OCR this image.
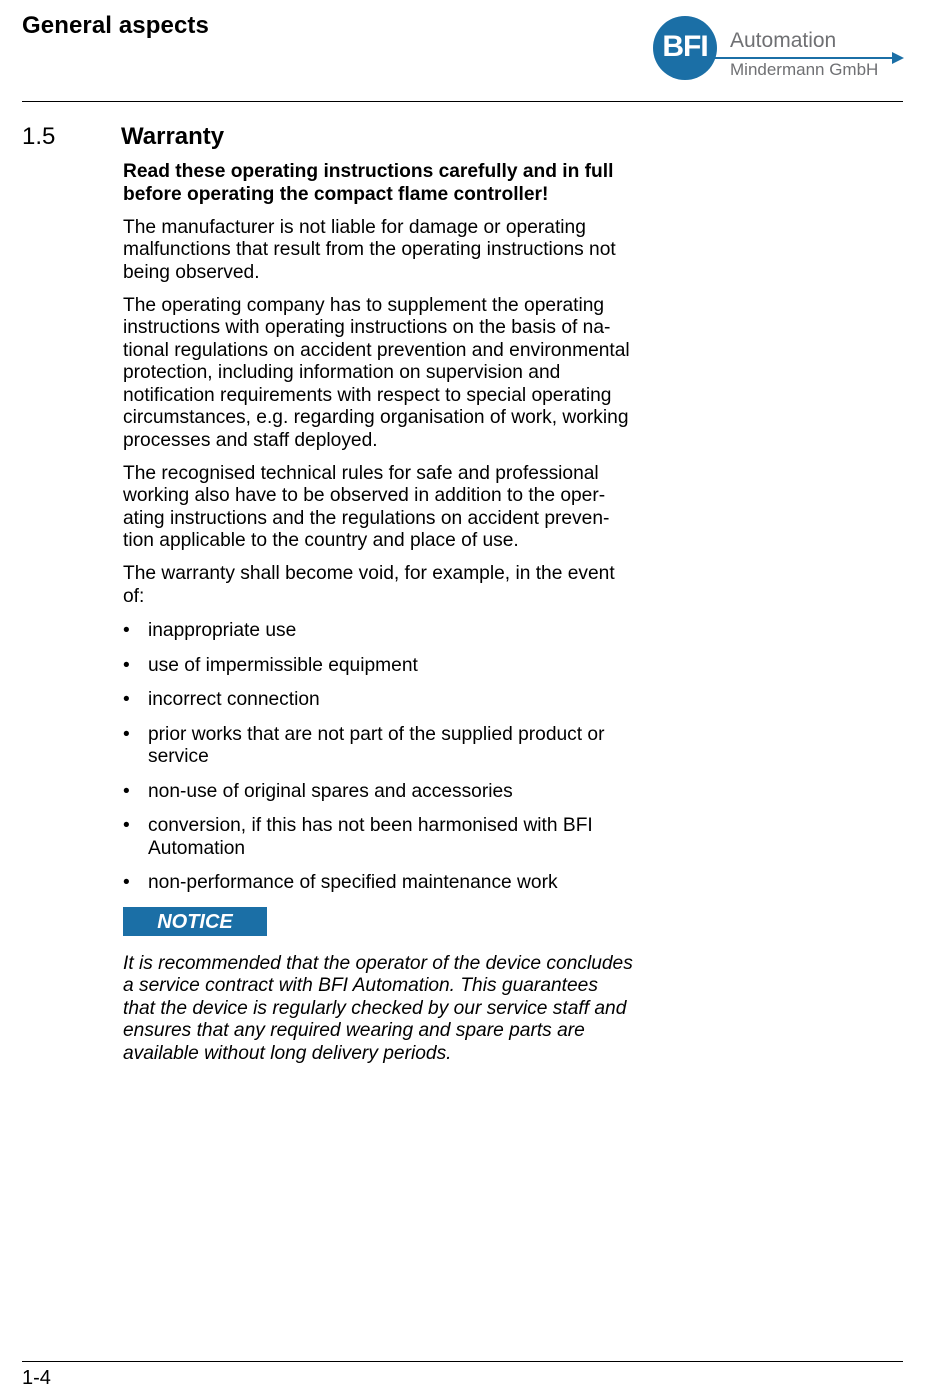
General aspects
BFI	Automation
Mindermann GmbH
1.5	Warranty

Read these operating instructions carefully and in full before operating the compact flame controller!

The manufacturer is not liable for damage or operating malfunctions that result from the operating instructions not being observed.

The operating company has to supplement the operating instructions with operating instructions on the basis of national regulations on accident prevention and environmental protection, including information on supervision and notification requirements with respect to special operating circumstances, e.g. regarding organisation of work, working processes and staff deployed.

The recognised technical rules for safe and professional working also have to be observed in addition to the operating instructions and the regulations on accident prevention applicable to the country and place of use.

The warranty shall become void, for example, in the event of:

• inappropriate use
• use of impermissible equipment
• incorrect connection
• prior works that are not part of the supplied product or service
• non-use of original spares and accessories
• conversion, if this has not been harmonised with BFI Automation
• non-performance of specified maintenance work
NOTICE

It is recommended that the operator of the device concludes a service contract with BFI Automation. This guarantees that the device is regularly checked by our service staff and ensures that any required wearing and spare parts are available without long delivery periods.

1-4
